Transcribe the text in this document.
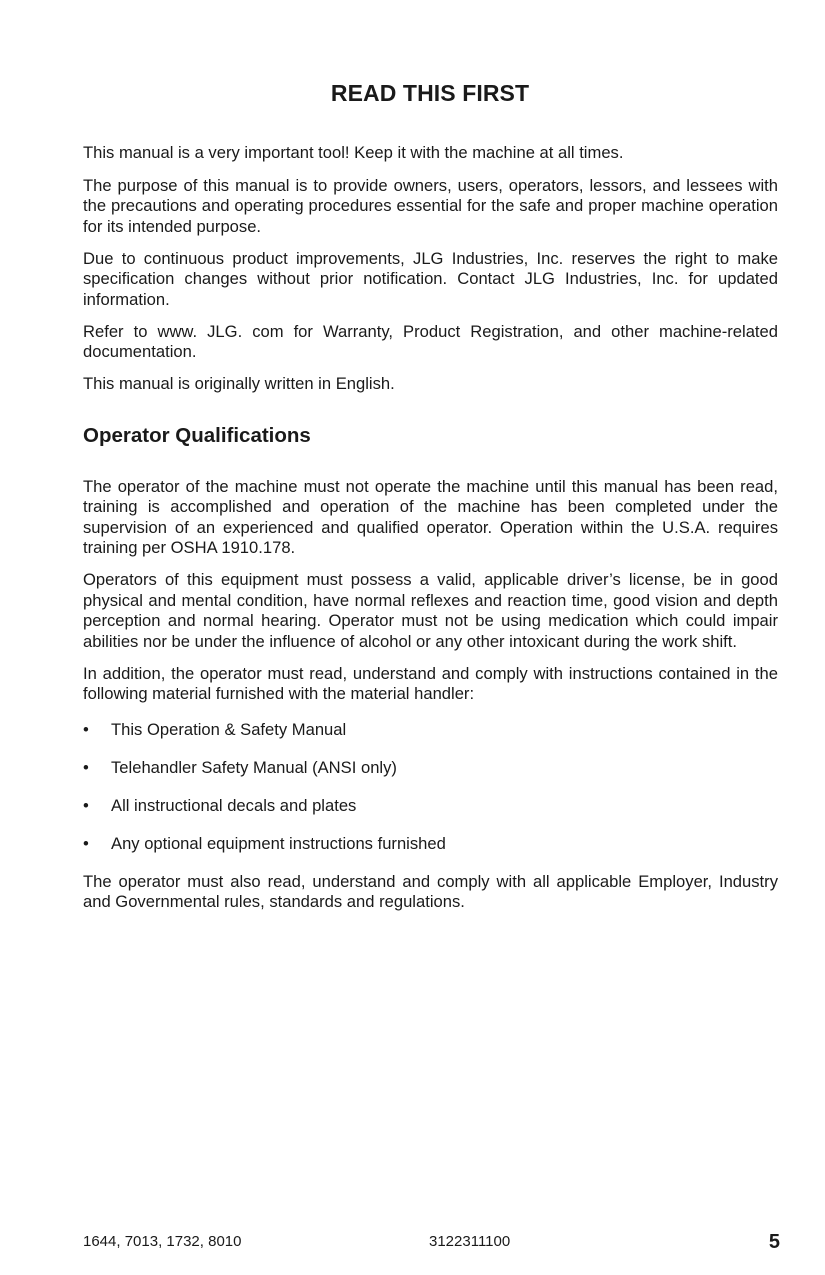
READ THIS FIRST

This manual is a very important tool! Keep it with the machine at all times.

The purpose of this manual is to provide owners, users, operators, lessors, and lessees with the precautions and operating procedures essential for the safe and proper machine operation for its intended purpose.

Due to continuous product improvements, JLG Industries, Inc. reserves the right to make specification changes without prior notification. Contact JLG Industries, Inc. for updated information.

Refer to www. JLG. com for Warranty, Product Registration, and other machine-related documentation.

This manual is originally written in English.

Operator Qualifications

The operator of the machine must not operate the machine until this manual has been read, training is accomplished and operation of the machine has been completed under the supervision of an experienced and qualified operator. Operation within the U.S.A. requires training per OSHA 1910.178.

Operators of this equipment must possess a valid, applicable driver’s license, be in good physical and mental condition, have normal reflexes and reaction time, good vision and depth perception and normal hearing. Operator must not be using medication which could impair abilities nor be under the influence of alcohol or any other intoxicant during the work shift.

In addition, the operator must read, understand and comply with instructions contained in the following material furnished with the material handler:

• This Operation & Safety Manual
• Telehandler Safety Manual (ANSI only)
• All instructional decals and plates
• Any optional equipment instructions furnished

The operator must also read, understand and comply with all applicable Employer, Industry and Governmental rules, standards and regulations.

1644, 7013, 1732, 8010	3122311100	5
